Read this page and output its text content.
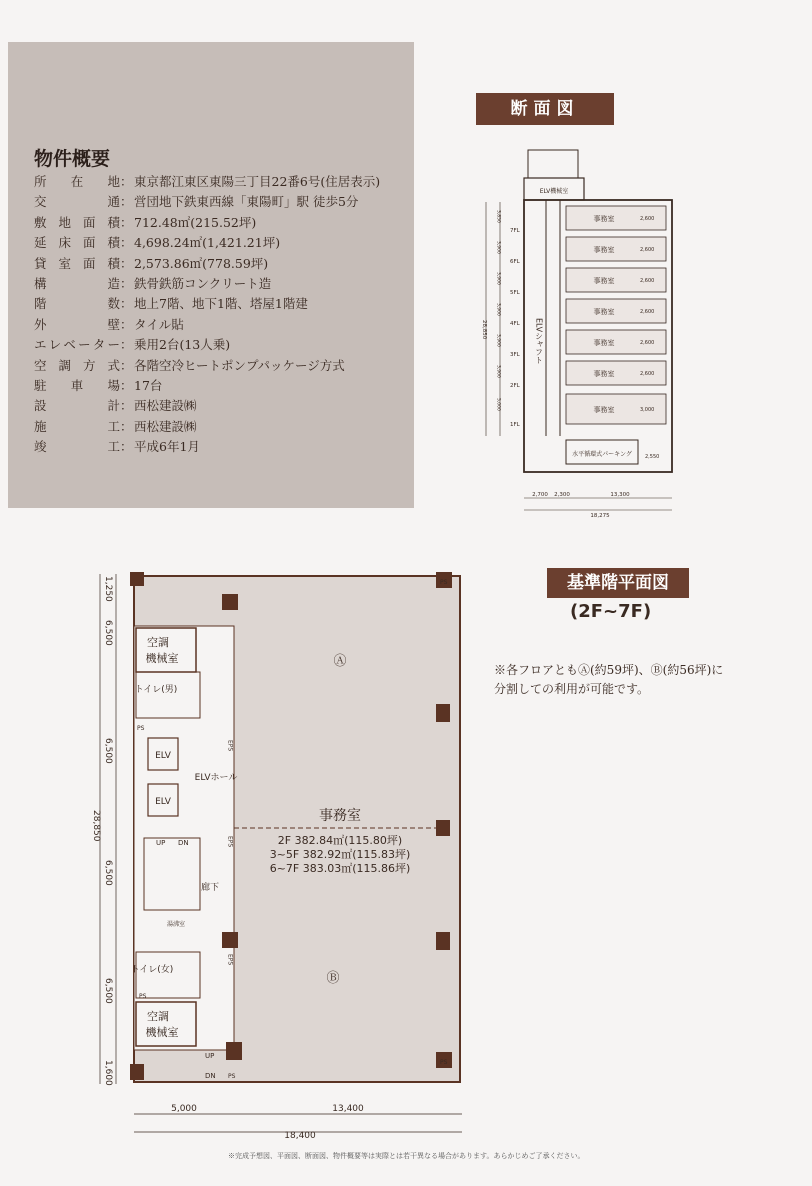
物件概要
所在地 ： 東京都江東区東陽三丁目22番6号(住居表示)
交通 ： 営団地下鉄東西線「東陽町」駅 徒歩5分
敷地面積 ： 712.48㎡(215.52坪)
延床面積 ： 4,698.24㎡(1,421.21坪)
貸室面積 ： 2,573.86㎡(778.59坪)
構造 ： 鉄骨鉄筋コンクリート造
階数 ： 地上7階、地下1階、塔屋1階建
外壁 ： タイル貼
エレベーター ： 乗用2台(13人乗)
空調方式 ： 各階空冷ヒートポンプパッケージ方式
駐車場 ： 17台
設計 ： 西松建設㈱
施工 ： 西松建設㈱
竣工 ： 平成6年1月
断面図
ELV機械室
ELVシャフト
事務室	2,600
7FL
事務室	2,600
6FL
事務室	2,600
5FL
事務室	2,600
4FL
事務室	2,600
3FL
事務室	2,600
2FL
事務室	3,000
1FL
水平循環式パーキング	2,550
28,850
3,850
3,900
3,900
3,900
3,900
3,900
5,000
2,700 2,300	13,300
18,275
基準階平面図
(2F~7F)
※各フロアともⒶ(約59坪)、Ⓑ(約56坪)に分割しての利用が可能です。
空調
機械室
トイレ(男)
ELV
ELV
ELVホール
UP DN
廊下
湯沸室
トイレ(女)
空調
機械室
UP
DN
PS
PS
PS
PS
PS
EPS
EPS
EPS
Ⓐ
Ⓑ
事務室
2F 382.84㎡(115.80坪)
3~5F 382.92㎡(115.83坪)
6~7F 383.03㎡(115.86坪)
28,850
1,250
6,500
6,500
6,500
6,500
1,600
5,000	13,400
18,400
※完成予想図、平面図、断面図、物件概要等は実際とは若干異なる場合があります。あらかじめご了承ください。
